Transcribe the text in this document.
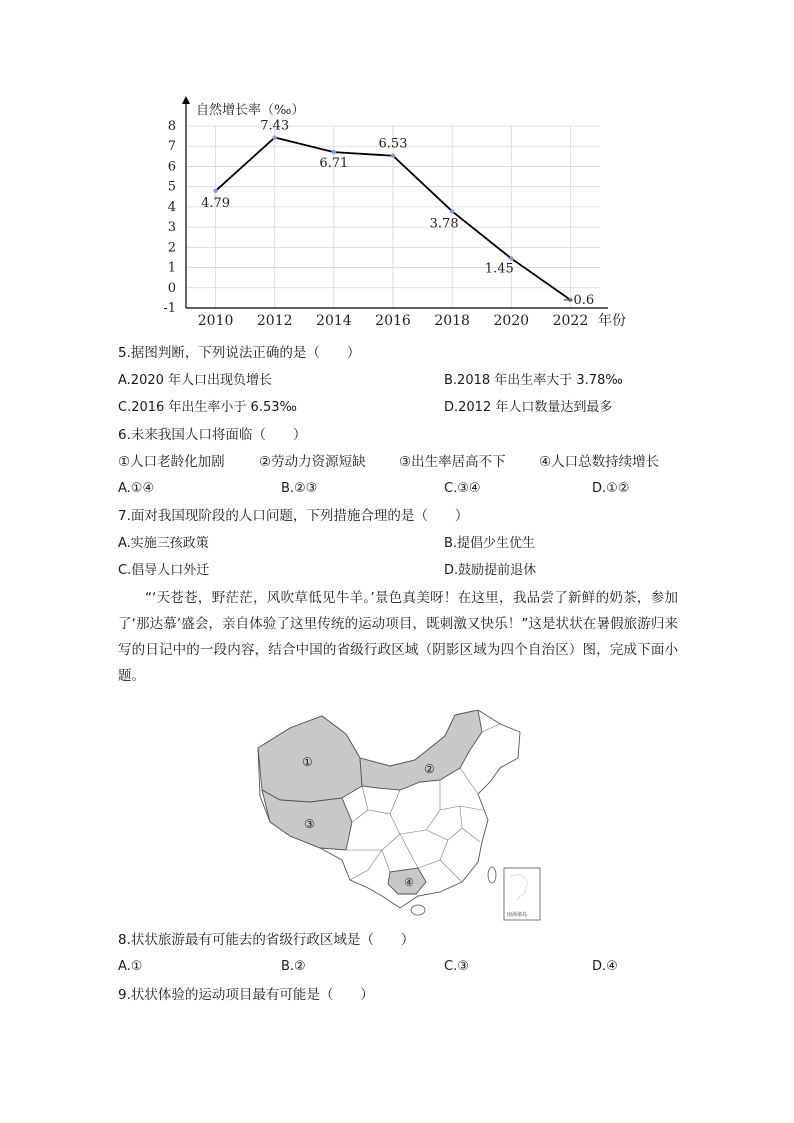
8
7
6
5
4
3
2
1
0
-1
2010 2012 2014 2016 2018 2020 2022
4.79
7.43
6.71
6.53
3.78
1.45
−0.6
自然增长率（‰）
年份
5.据图判断，下列说法正确的是（　　）
A.2020 年人口出现负增长	B.2018 年出生率大于 3.78‰
C.2016 年出生率小于 6.53‰	D.2012 年人口数量达到最多
6.未来我国人口将面临（　　）
①人口老龄化加剧	②劳动力资源短缺 ③出生率居高不下 ④人口总数持续增长
A.①④	B.②③	C.③④	D.①②
7.面对我国现阶段的人口问题，下列措施合理的是（　　）
A.实施三孩政策	B.提倡少生优生
C.倡导人口外迁	D.鼓励提前退休
“‘天苍苍，野茫茫，风吹草低见牛羊。’景色真美呀！在这里，我品尝了新鲜的奶茶，参加了‘那达慕’盛会，亲自体验了这里传统的运动项目，既刺激又快乐！”这是状状在暑假旅游归来写的日记中的一段内容，结合中国的省级行政区域（阴影区域为四个自治区）图，完成下面小题。
①	②
③
④
南海诸岛
8.状状旅游最有可能去的省级行政区域是（　　）
A.①	B.②	C.③	D.④
9.状状体验的运动项目最有可能是（　　）
